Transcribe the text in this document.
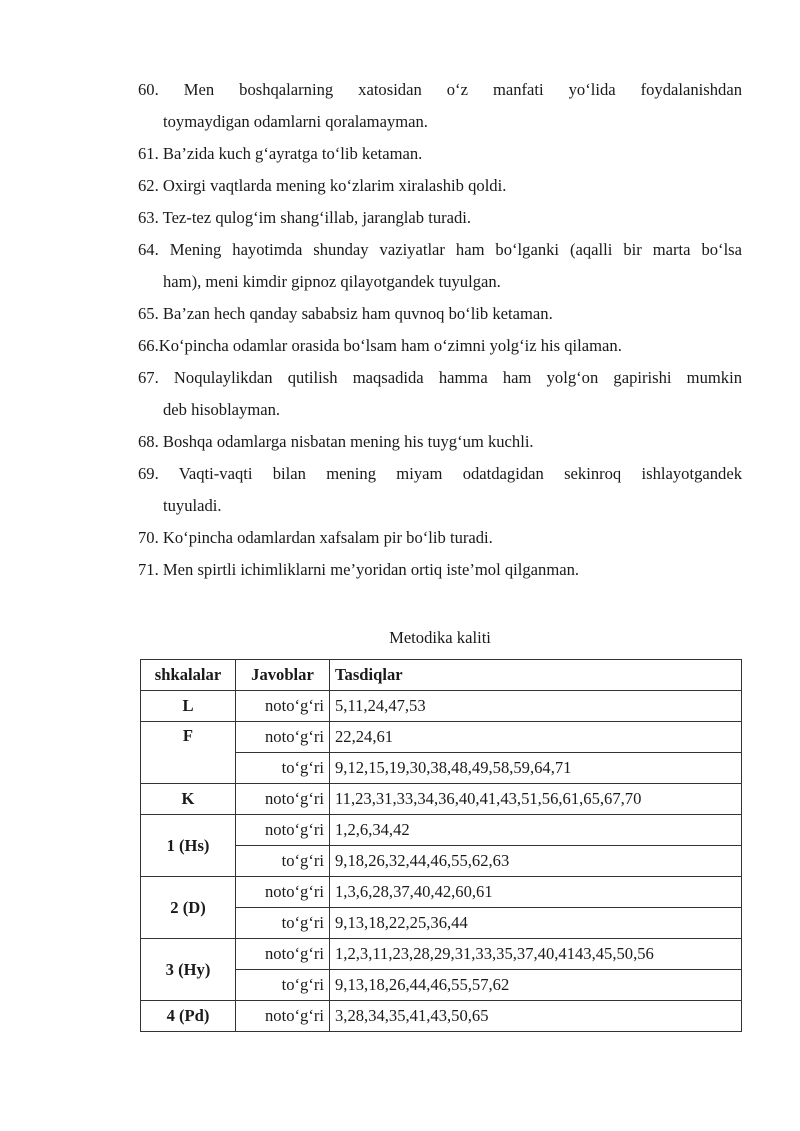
60. Men boshqalarning xatosidan o‘z manfati yo‘lida foydalanishdan
toymaydigan odamlarni qoralamayman.
61. Ba’zida kuch g‘ayratga to‘lib ketaman.
62. Oxirgi vaqtlarda mening ko‘zlarim xiralashib qoldi.
63. Tez-tez qulog‘im shang‘illab, jaranglab turadi.
64. Mening hayotimda shunday vaziyatlar ham bo‘lganki (aqalli bir marta bo‘lsa
ham), meni kimdir gipnoz qilayotgandek tuyulgan.
65. Ba’zan hech qanday sababsiz ham quvnoq bo‘lib ketaman.
66.Ko‘pincha odamlar orasida bo‘lsam ham o‘zimni yolg‘iz his qilaman.
67. Noqulaylikdan qutilish maqsadida hamma ham yolg‘on gapirishi mumkin
deb hisoblayman.
68. Boshqa odamlarga nisbatan mening his tuyg‘um kuchli.
69. Vaqti-vaqti bilan mening miyam odatdagidan sekinroq ishlayotgandek
tuyuladi.
70. Ko‘pincha odamlardan xafsalam pir bo‘lib turadi.
71. Men spirtli ichimliklarni me’yoridan ortiq iste’mol qilganman.
Metodika kaliti
shkalalar	Javoblar	Tasdiqlar
L	noto‘g‘ri	5,11,24,47,53
F	noto‘g‘ri	22,24,61
	to‘g‘ri	9,12,15,19,30,38,48,49,58,59,64,71
K	noto‘g‘ri	11,23,31,33,34,36,40,41,43,51,56,61,65,67,70
1 (Hs)	noto‘g‘ri	1,2,6,34,42
	to‘g‘ri	9,18,26,32,44,46,55,62,63
2 (D)	noto‘g‘ri	1,3,6,28,37,40,42,60,61
	to‘g‘ri	9,13,18,22,25,36,44
3 (Hy)	noto‘g‘ri	1,2,3,11,23,28,29,31,33,35,37,40,4143,45,50,56
	to‘g‘ri	9,13,18,26,44,46,55,57,62
4 (Pd)	noto‘g‘ri	3,28,34,35,41,43,50,65
